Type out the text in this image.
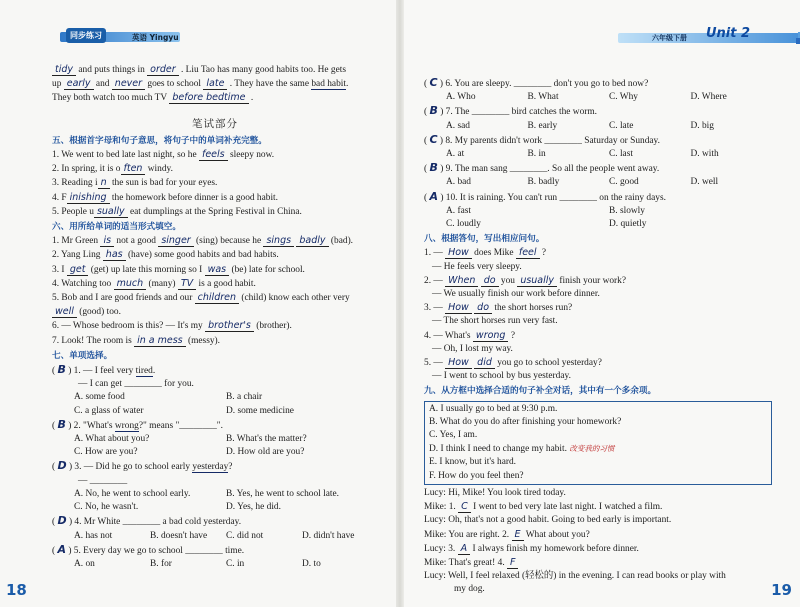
同步练习	英语 Yingyu
tidy and puts things in order . Liu Tao has many good habits too. He gets
up early and never goes to school late . They have the same bad habit.
They both watch too much TV before bedtime .
笔试部分
五、根据首字母和句子意思，将句子中的单词补充完整。
1. We went to bed late last night, so he feels sleepy now.
2. In spring, it is o ften windy.
3. Reading i n the sun is bad for your eyes.
4. F inishing the homework before dinner is a good habit.
5. People u sually eat dumplings at the Spring Festival in China.
六、用所给单词的适当形式填空。
1. Mr Green is not a good singer (sing) because he sings badly (bad).
2. Yang Ling has (have) some good habits and bad habits.
3. I get (get) up late this morning so I was (be) late for school.
4. Watching too much (many) TV is a good habit.
5. Bob and I are good friends and our children (child) know each other very
well (good) too.
6. — Whose bedroom is this? — It's my brother's (brother).
7. Look! The room is in a mess (messy).
七、单项选择。
( B ) 1. — I feel very tired.
— I can get ________ for you.
A. some food	B. a chair
C. a glass of water	D. some medicine
( B ) 2. "What's wrong?" means "________".
A. What about you?	B. What's the matter?
C. How are you?	D. How old are you?
( D ) 3. — Did he go to school early yesterday?
— ________
A. No, he went to school early.	B. Yes, he went to school late.
C. No, he wasn't.	D. Yes, he did.
( D ) 4. Mr White ________ a bad cold yesterday.
A. has not	B. doesn't have	C. did not	D. didn't have
( A ) 5. Every day we go to school ________ time.
A. on	B. for	C. in	D. to
18
六年级下册 Unit 2
( C ) 6. You are sleepy. ________ don't you go to bed now?
A. Who	B. What	C. Why	D. Where
( B ) 7. The ________ bird catches the worm.
A. sad	B. early	C. late	D. big
( C ) 8. My parents didn't work ________ Saturday or Sunday.
A. at	B. in	C. last	D. with
( B ) 9. The man sang ________. So all the people went away.
A. bad	B. badly	C. good	D. well
( A ) 10. It is raining. You can't run ________ on the rainy days.
A. fast	B. slowly
C. loudly	D. quietly
八、根据答句，写出相应问句。
1. — How does Mike feel ?
— He feels very sleepy.
2. — When do you usually finish your work?
— We usually finish our work before dinner.
3. — How do the short horses run?
— The short horses run very fast.
4. — What's wrong ?
— Oh, I lost my way.
5. — How did you go to school yesterday?
— I went to school by bus yesterday.
九、从方框中选择合适的句子补全对话，其中有一个多余项。
A. I usually go to bed at 9:30 p.m.
B. What do you do after finishing your homework?
C. Yes, I am.
D. I think I need to change my habit. 改变我的习惯
E. I know, but it's hard.
F. How do you feel then?
Lucy: Hi, Mike! You look tired today.
Mike: 1. C I went to bed very late last night. I watched a film.
Lucy: Oh, that's not a good habit. Going to bed early is important.
Mike: You are right. 2. E What about you?
Lucy: 3. A I always finish my homework before dinner.
Mike: That's great! 4. F
Lucy: Well, I feel relaxed (轻松的) in the evening. I can read books or play with
my dog.	19
